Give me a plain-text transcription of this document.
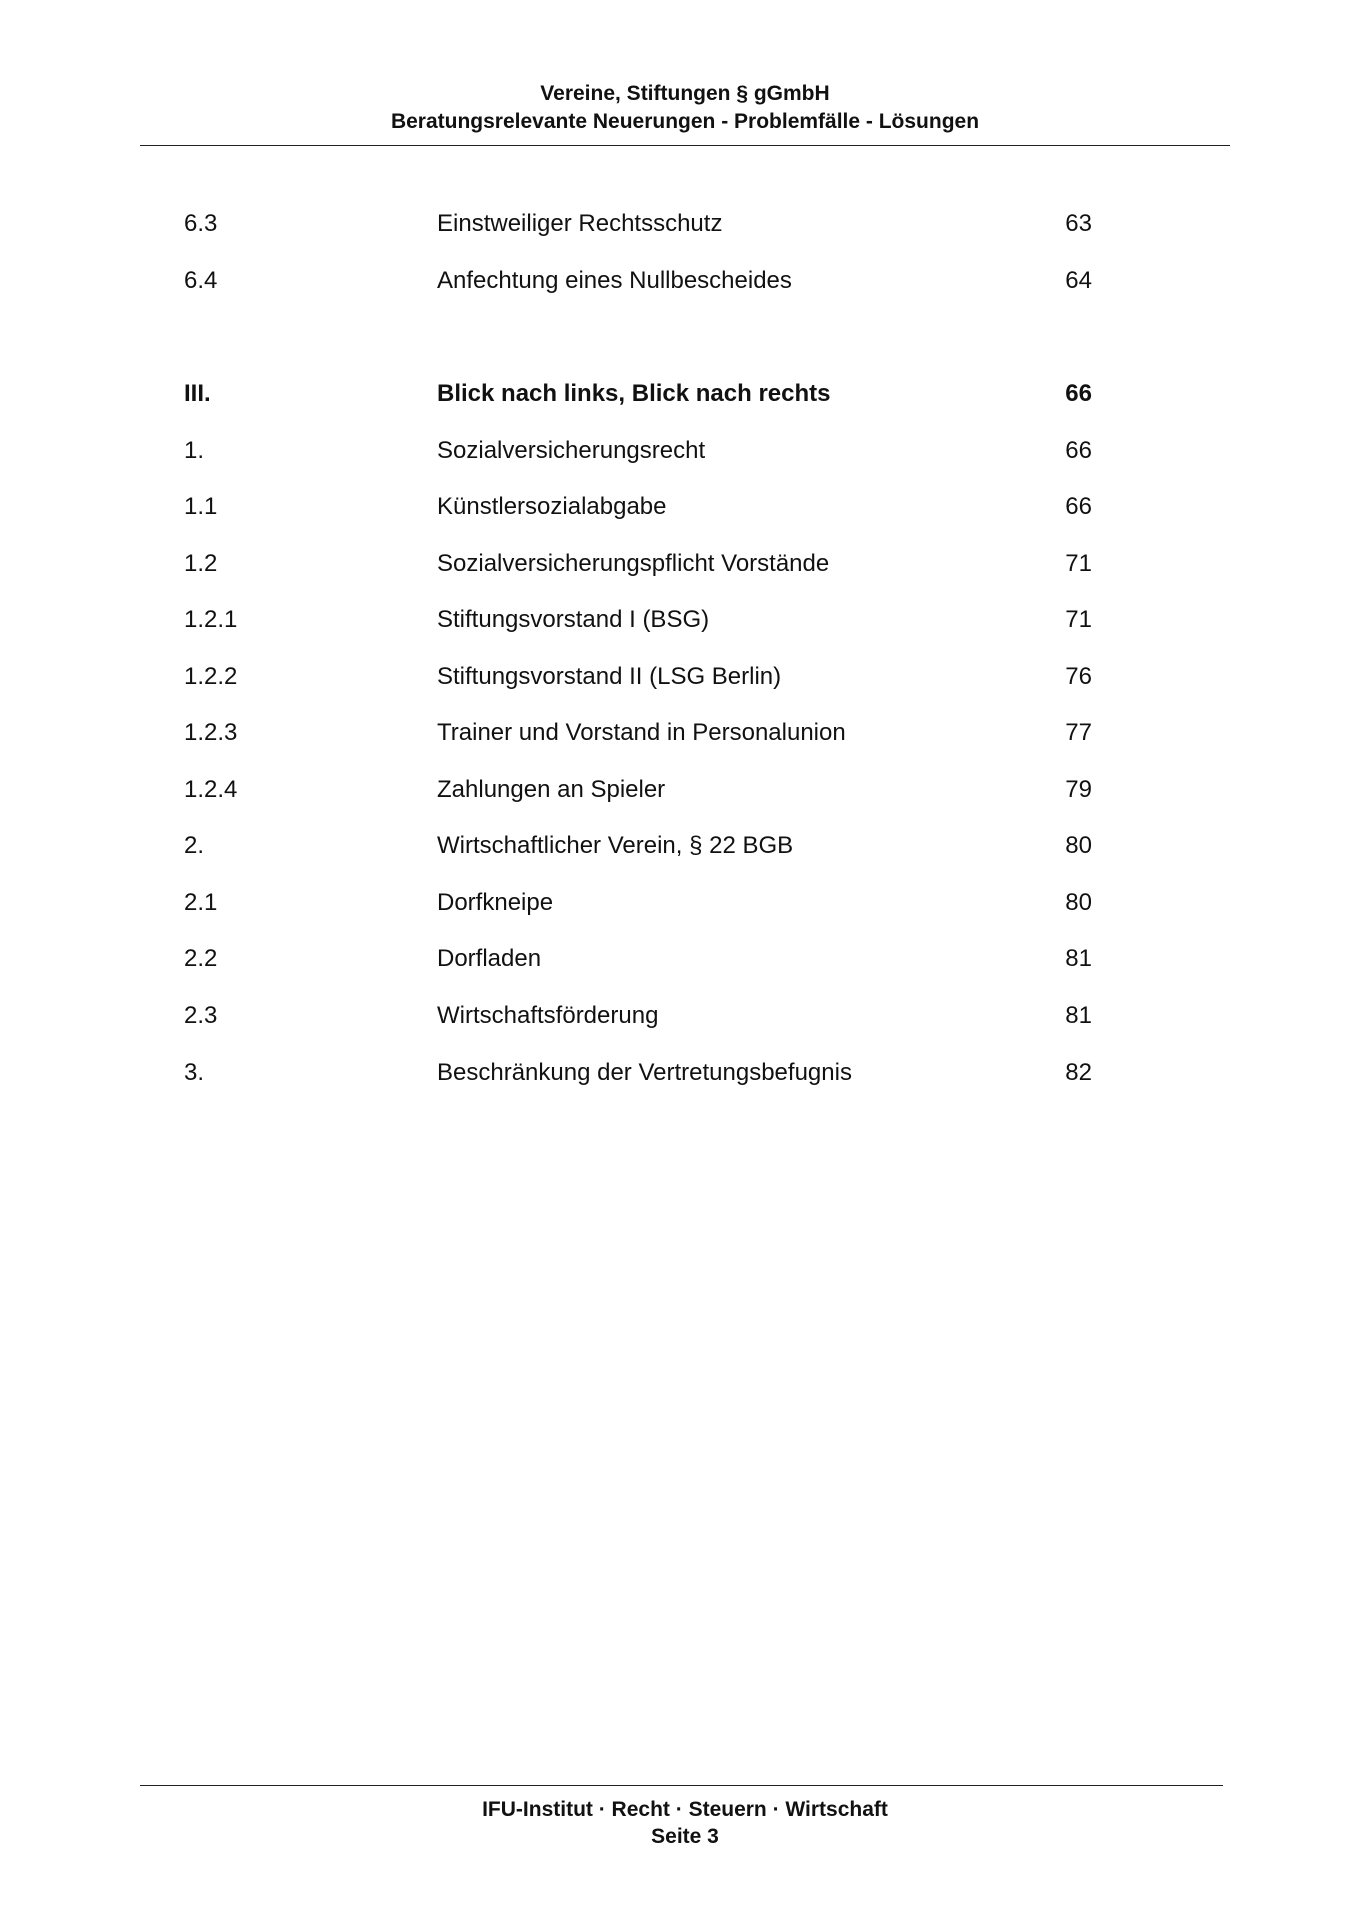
Vereine, Stiftungen § gGmbH
Beratungsrelevante Neuerungen - Problemfälle - Lösungen
6.3	Einstweiliger Rechtsschutz	63
6.4	Anfechtung eines Nullbescheides	64
III.	Blick nach links, Blick nach rechts	66
1.	Sozialversicherungsrecht	66
1.1	Künstlersozialabgabe	66
1.2	Sozialversicherungspflicht Vorstände	71
1.2.1	Stiftungsvorstand I (BSG)	71
1.2.2	Stiftungsvorstand II (LSG Berlin)	76
1.2.3	Trainer und Vorstand in Personalunion	77
1.2.4	Zahlungen an Spieler	79
2.	Wirtschaftlicher Verein, § 22 BGB	80
2.1	Dorfkneipe	80
2.2	Dorfladen	81
2.3	Wirtschaftsförderung	81
3.	Beschränkung der Vertretungsbefugnis	82
IFU-Institut · Recht · Steuern · Wirtschaft
Seite 3
